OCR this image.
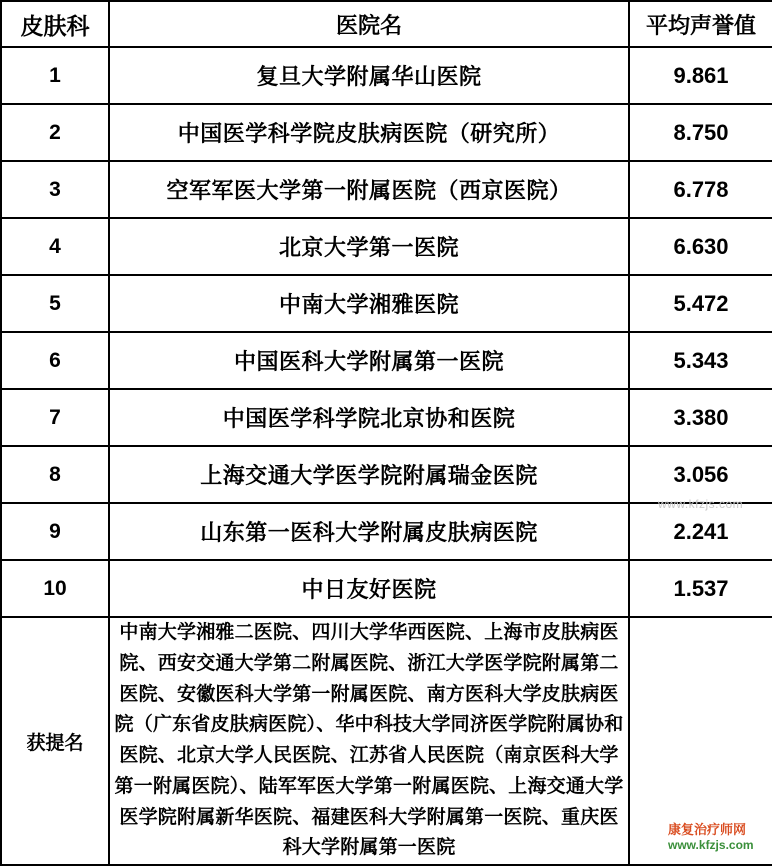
皮肤科	医院名	平均声誉值
1	复旦大学附属华山医院	9.861
2	中国医学科学院皮肤病医院（研究所）	8.750
3	空军军医大学第一附属医院（西京医院）	6.778
4	北京大学第一医院	6.630
5	中南大学湘雅医院	5.472
6	中国医科大学附属第一医院	5.343
7	中国医学科学院北京协和医院	3.380
8	上海交通大学医学院附属瑞金医院	3.056
9	山东第一医科大学附属皮肤病医院	2.241
10	中日友好医院	1.537
获提名	中南大学湘雅二医院、四川大学华西医院、上海市皮肤病医院、西安交通大学第二附属医院、浙江大学医学院附属第二医院、安徽医科大学第一附属医院、南方医科大学皮肤病医院（广东省皮肤病医院）、华中科技大学同济医学院附属协和医院、北京大学人民医院、江苏省人民医院（南京医科大学第一附属医院）、陆军军医大学第一附属医院、上海交通大学医学院附属新华医院、福建医科大学附属第一医院、重庆医科大学附属第一医院	
www.kfzjs.com
康复治疗师网
www.kfzjs.com
